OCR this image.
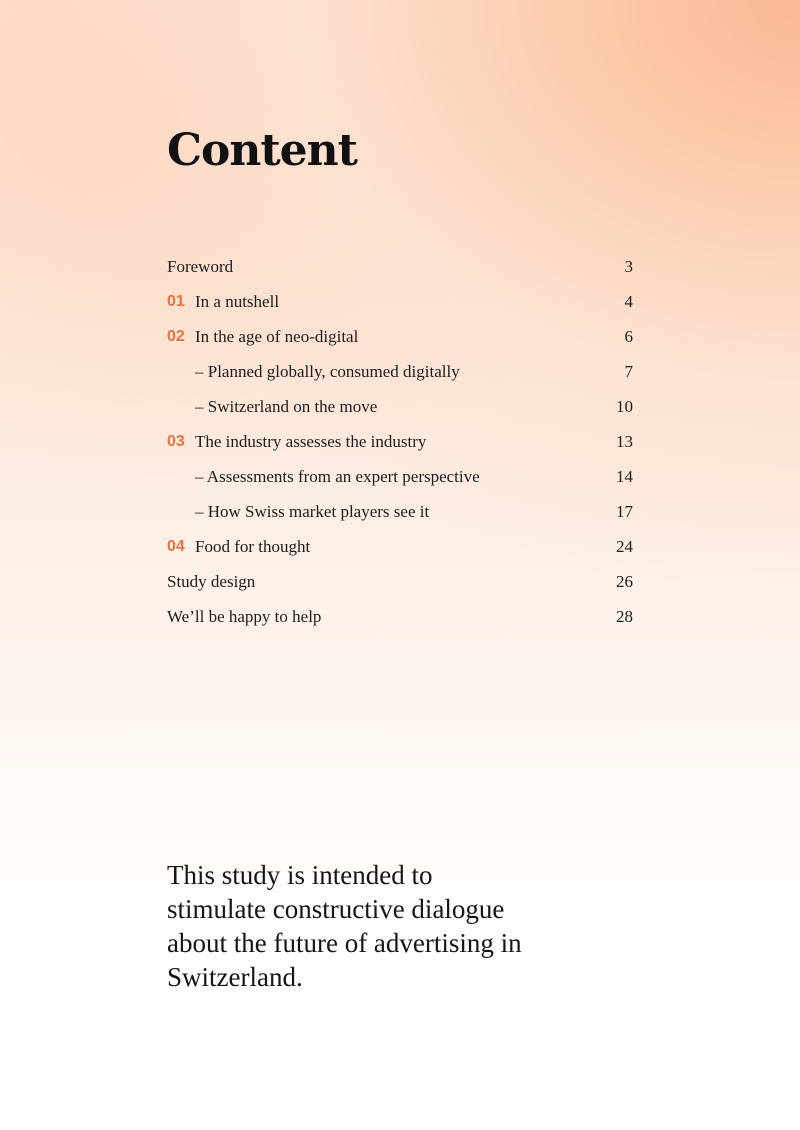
Content
Foreword	3
01 In a nutshell	4
02 In the age of neo-digital	6
– Planned globally, consumed digitally	7
– Switzerland on the move	10
03 The industry assesses the industry	13
– Assessments from an expert perspective	14
– How Swiss market players see it	17
04 Food for thought	24
Study design	26
We’ll be happy to help	28

This study is intended to stimulate constructive dialogue about the future of advertising in Switzerland.
